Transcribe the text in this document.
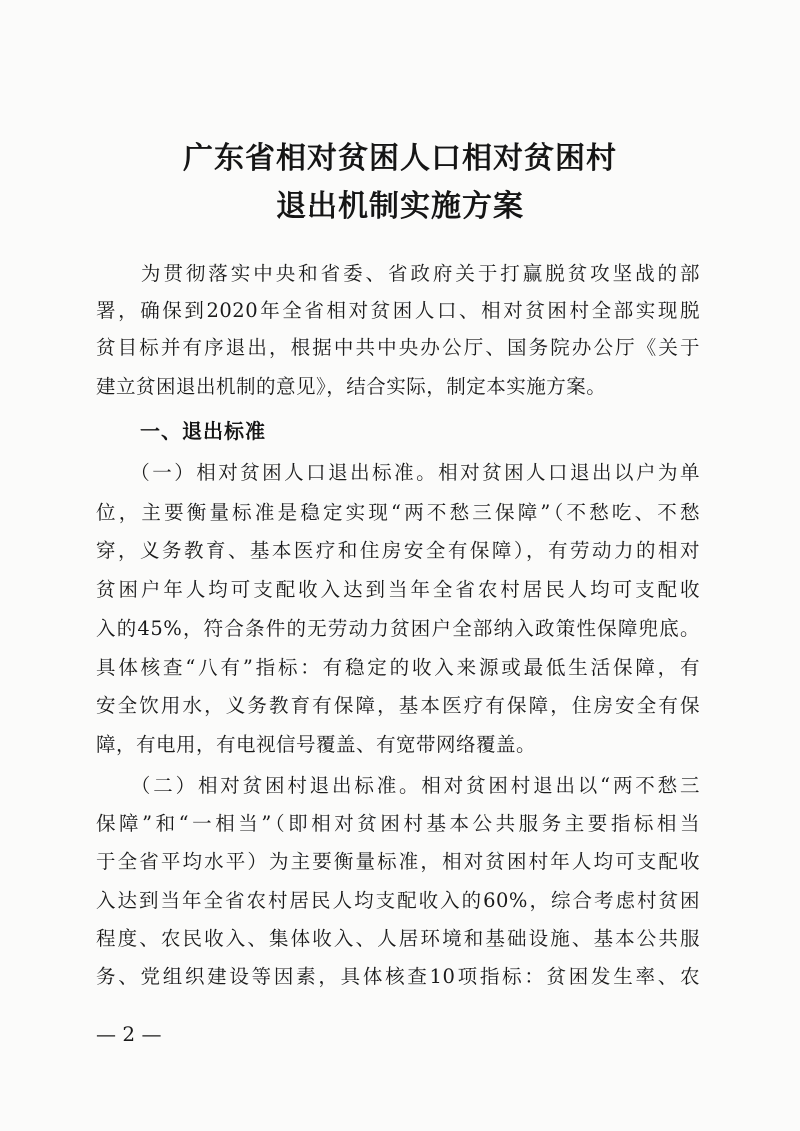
广东省相对贫困人口相对贫困村
退出机制实施方案
　　为贯彻落实中央和省委、省政府关于打赢脱贫攻坚战的部
署，确保到2020年全省相对贫困人口、相对贫困村全部实现脱
贫目标并有序退出，根据中共中央办公厅、国务院办公厅《关于
建立贫困退出机制的意见》，结合实际，制定本实施方案。
一、退出标准
　　（一）相对贫困人口退出标准。相对贫困人口退出以户为单
位，主要衡量标准是稳定实现“两不愁三保障”（不愁吃、不愁
穿，义务教育、基本医疗和住房安全有保障），有劳动力的相对
贫困户年人均可支配收入达到当年全省农村居民人均可支配收
入的45%，符合条件的无劳动力贫困户全部纳入政策性保障兜底。
具体核查“八有”指标：有稳定的收入来源或最低生活保障，有
安全饮用水，义务教育有保障，基本医疗有保障，住房安全有保
障，有电用，有电视信号覆盖、有宽带网络覆盖。
　　（二）相对贫困村退出标准。相对贫困村退出以“两不愁三
保障”和“一相当”（即相对贫困村基本公共服务主要指标相当
于全省平均水平）为主要衡量标准，相对贫困村年人均可支配收
入达到当年全省农村居民人均支配收入的60%，综合考虑村贫困
程度、农民收入、集体收入、人居环境和基础设施、基本公共服
务、党组织建设等因素，具体核查10项指标：贫困发生率、农
— 2 —
